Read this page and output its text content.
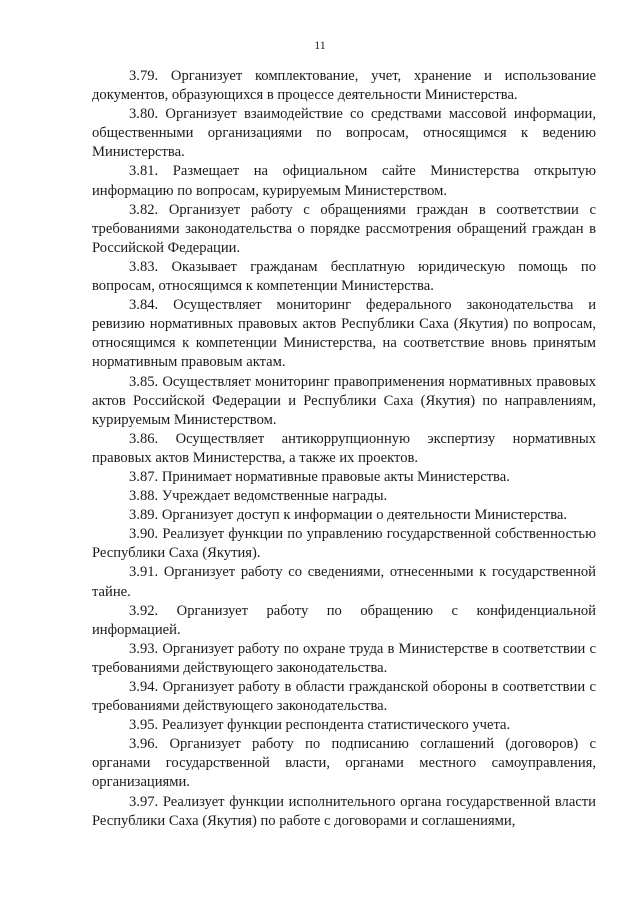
11

3.79. Организует комплектование, учет, хранение и использование документов, образующихся в процессе деятельности Министерства.

3.80. Организует взаимодействие со средствами массовой информации, общественными организациями по вопросам, относящимся к ведению Министерства.

3.81. Размещает на официальном сайте Министерства открытую информацию по вопросам, курируемым Министерством.

3.82. Организует работу с обращениями граждан в соответствии с требованиями законодательства о порядке рассмотрения обращений граждан в Российской Федерации.

3.83. Оказывает гражданам бесплатную юридическую помощь по вопросам, относящимся к компетенции Министерства.

3.84. Осуществляет мониторинг федерального законодательства и ревизию нормативных правовых актов Республики Саха (Якутия) по вопросам, относящимся к компетенции Министерства, на соответствие вновь принятым нормативным правовым актам.

3.85. Осуществляет мониторинг правоприменения нормативных правовых актов Российской Федерации и Республики Саха (Якутия) по направлениям, курируемым Министерством.

3.86. Осуществляет антикоррупционную экспертизу нормативных правовых актов Министерства, а также их проектов.

3.87. Принимает нормативные правовые акты Министерства.

3.88. Учреждает ведомственные награды.

3.89. Организует доступ к информации о деятельности Министерства.

3.90. Реализует функции по управлению государственной собственностью Республики Саха (Якутия).

3.91. Организует работу со сведениями, отнесенными к государственной тайне.

3.92. Организует работу по обращению с конфиденциальной информацией.

3.93. Организует работу по охране труда в Министерстве в соответствии с требованиями действующего законодательства.

3.94. Организует работу в области гражданской обороны в соответствии с требованиями действующего законодательства.

3.95. Реализует функции респондента статистического учета.

3.96. Организует работу по подписанию соглашений (договоров) с органами государственной власти, органами местного самоуправления, организациями.

3.97. Реализует функции исполнительного органа государственной власти Республики Саха (Якутия) по работе с договорами и соглашениями,
